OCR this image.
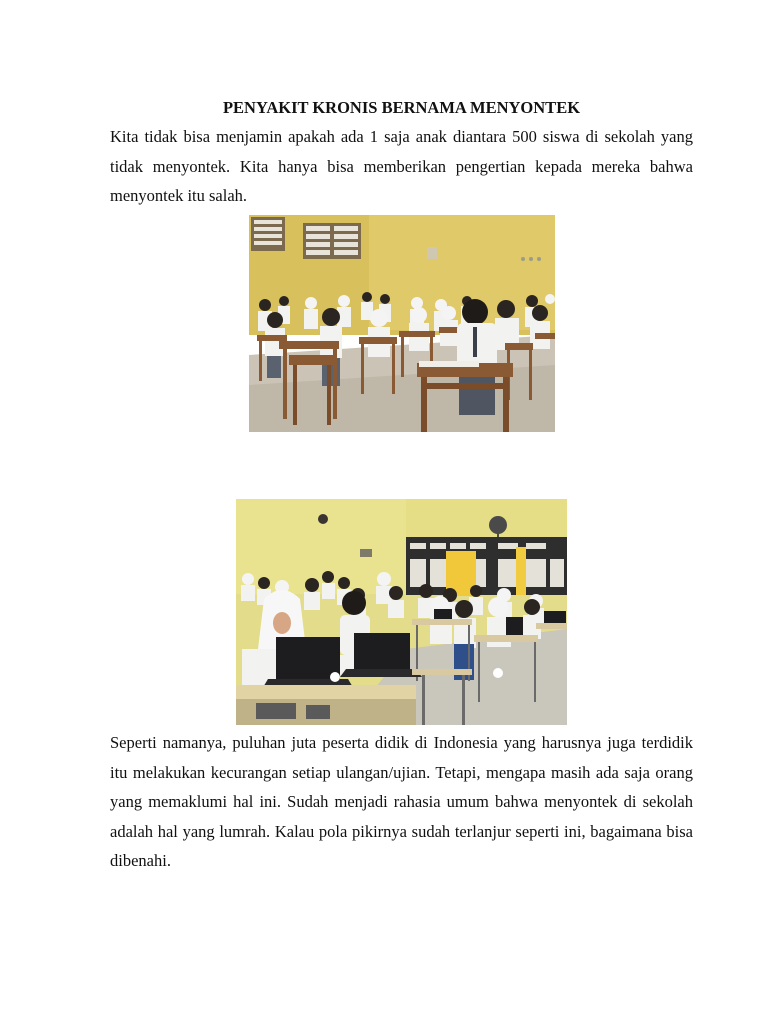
PENYAKIT KRONIS BERNAMA MENYONTEK

Kita tidak bisa menjamin apakah ada 1 saja anak diantara 500 siswa di sekolah yang tidak menyontek. Kita hanya bisa memberikan pengertian kepada mereka bahwa menyontek itu salah.

Seperti namanya, puluhan juta peserta didik di Indonesia yang harusnya juga terdidik itu melakukan kecurangan setiap ulangan/ujian. Tetapi, mengapa masih ada saja orang yang memaklumi hal ini. Sudah menjadi rahasia umum bahwa menyontek di sekolah adalah hal yang lumrah. Kalau pola pikirnya sudah terlanjur seperti ini, bagaimana bisa dibenahi.
